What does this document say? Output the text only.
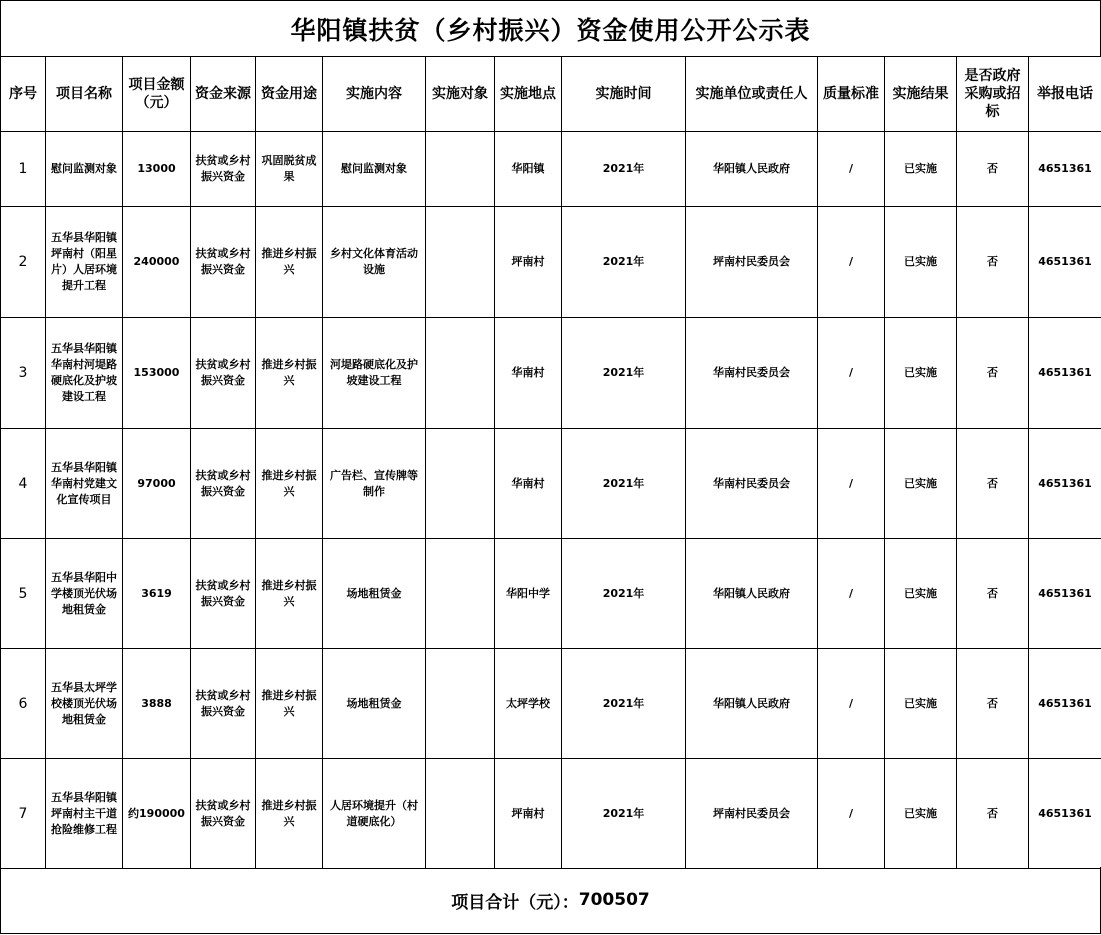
华阳镇扶贫（乡村振兴）资金使用公开公示表
序号	项目名称	项目金额（元）	资金来源	资金用途	实施内容	实施对象	实施地点	实施时间	实施单位或责任人	质量标准	实施结果	是否政府采购或招标	举报电话
1	慰问监测对象	13000	扶贫或乡村振兴资金	巩固脱贫成果	慰问监测对象		华阳镇	2021年	华阳镇人民政府	/	已实施	否	4651361
2	五华县华阳镇坪南村（阳星片）人居环境提升工程	240000	扶贫或乡村振兴资金	推进乡村振兴	乡村文化体育活动设施		坪南村	2021年	坪南村民委员会	/	已实施	否	4651361
3	五华县华阳镇华南村河堤路硬底化及护坡建设工程	153000	扶贫或乡村振兴资金	推进乡村振兴	河堤路硬底化及护坡建设工程		华南村	2021年	华南村民委员会	/	已实施	否	4651361
4	五华县华阳镇华南村党建文化宣传项目	97000	扶贫或乡村振兴资金	推进乡村振兴	广告栏、宣传牌等制作		华南村	2021年	华南村民委员会	/	已实施	否	4651361
5	五华县华阳中学楼顶光伏场地租赁金	3619	扶贫或乡村振兴资金	推进乡村振兴	场地租赁金		华阳中学	2021年	华阳镇人民政府	/	已实施	否	4651361
6	五华县太坪学校楼顶光伏场地租赁金	3888	扶贫或乡村振兴资金	推进乡村振兴	场地租赁金		太坪学校	2021年	华阳镇人民政府	/	已实施	否	4651361
7	五华县华阳镇坪南村主干道抢险维修工程	约190000	扶贫或乡村振兴资金	推进乡村振兴	人居环境提升（村道硬底化）		坪南村	2021年	坪南村民委员会	/	已实施	否	4651361
项目合计（元）： 700507
